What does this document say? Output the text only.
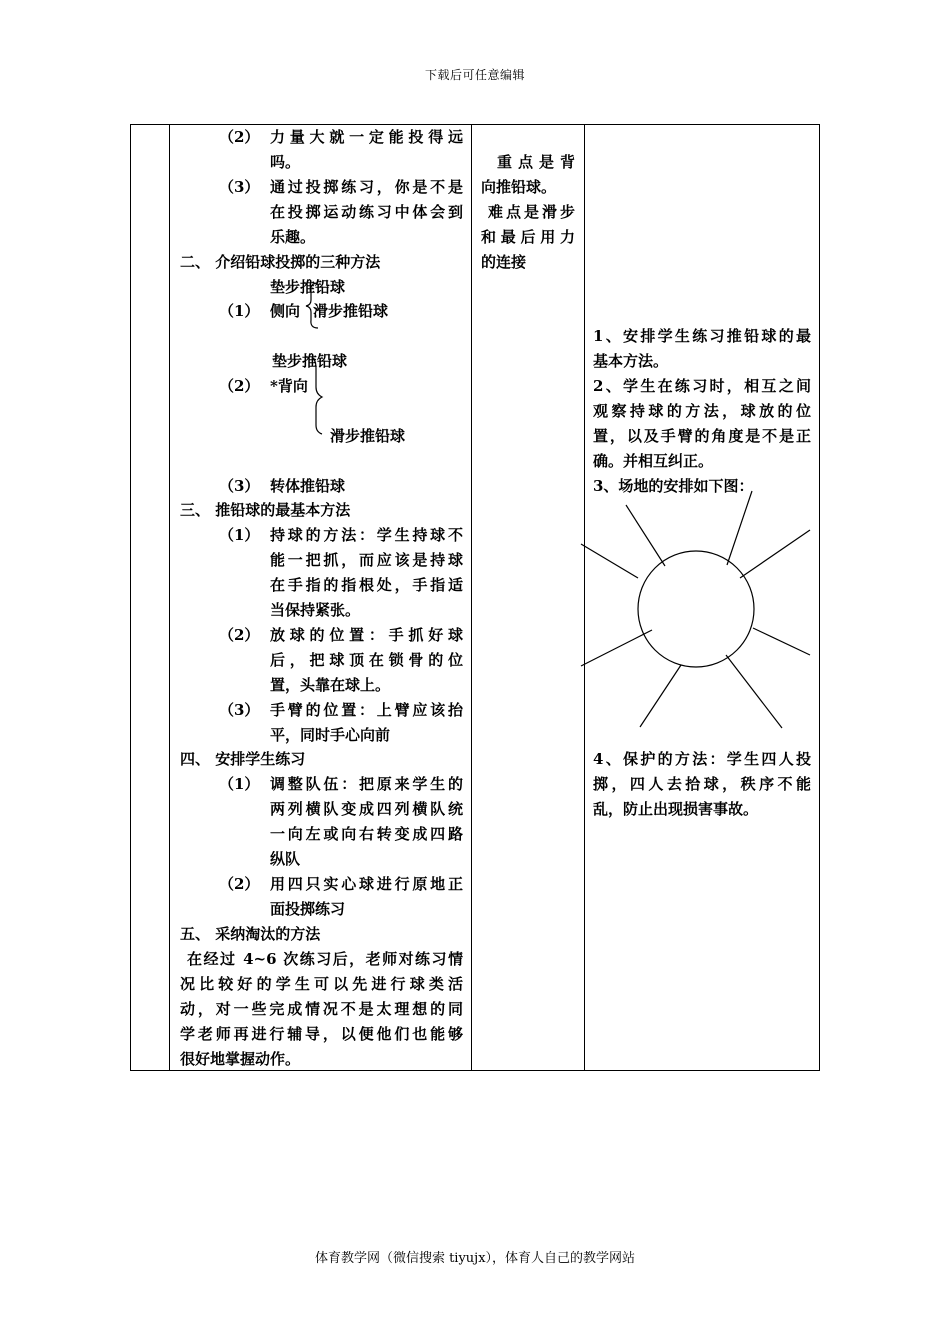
下载后可任意编辑
（2） 力量大就一定能投得远
吗。
（3） 通过投掷练习，你是不是
在投掷运动练习中体会到
乐趣。
二、 介绍铅球投掷的三种方法
垫步推铅球
（1） 侧向 滑步推铅球
垫步推铅球
（2） *背向
滑步推铅球
（3） 转体推铅球
三、 推铅球的最基本方法
（1） 持球的方法：学生持球不
能一把抓，而应该是持球
在手指的指根处，手指适
当保持紧张。
（2） 放球的位置：手抓好球
后，把球顶在锁骨的位
置，头靠在球上。
（3） 手臂的位置：上臂应该抬
平，同时手心向前
四、 安排学生练习
（1） 调整队伍：把原来学生的
两列横队变成四列横队统
一向左或向右转变成四路
纵队
（2） 用四只实心球进行原地正
面投掷练习
五、 采纳淘汰的方法
在经过 4~6 次练习后，老师对练习情
况比较好的学生可以先进行球类活
动，对一些完成情况不是太理想的同
学老师再进行辅导，以便他们也能够
很好地掌握动作。
重点是背
向推铅球。
难点是滑步
和最后用力
的连接
1、安排学生练习推铅球的最
基本方法。
2、学生在练习时，相互之间
观察持球的方法，球放的位
置，以及手臂的角度是不是正
确。并相互纠正。
3、场地的安排如下图：
4、保护的方法：学生四人投
掷，四人去拾球，秩序不能
乱，防止出现损害事故。
体育教学网（微信搜索 tiyujx），体育人自己的教学网站
